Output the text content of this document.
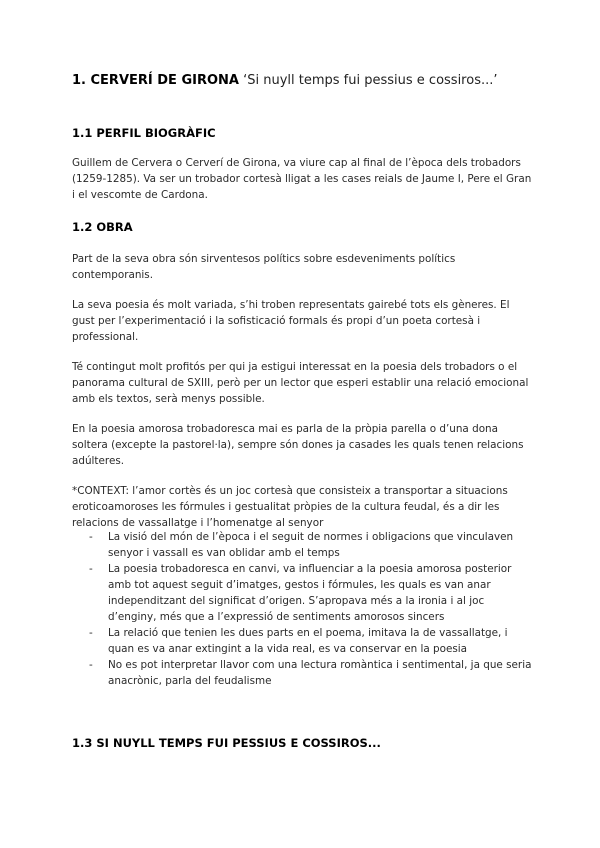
1. CERVERÍ DE GIRONA ‘Si nuyll temps fui pessius e cossiros...’
1.1 PERFIL BIOGRÀFIC

Guillem de Cervera o Cerverí de Girona, va viure cap al final de l’època dels trobadors (1259-1285). Va ser un trobador cortesà lligat a les cases reials de Jaume I, Pere el Gran i el vescomte de Cardona.

1.2 OBRA

Part de la seva obra són sirventesos polítics sobre esdeveniments polítics contemporanis.

La seva poesia és molt variada, s’hi troben representats gairebé tots els gèneres. El gust per l’experimentació i la sofisticació formals és propi d’un poeta cortesà i professional.

Té contingut molt profitós per qui ja estigui interessat en la poesia dels trobadors o el panorama cultural de SXIII, però per un lector que esperi establir una relació emocional amb els textos, serà menys possible.

En la poesia amorosa trobadoresca mai es parla de la pròpia parella o d’una dona soltera (excepte la pastorel·la), sempre són dones ja casades les quals tenen relacions adúlteres.

*CONTEXT: l’amor cortès és un joc cortesà que consisteix a transportar a situacions eroticoamoroses les fórmules i gestualitat pròpies de la cultura feudal, és a dir les relacions de vassallatge i l’homenatge al senyor

- La visió del món de l’època i el seguit de normes i obligacions que vinculaven senyor i vassall es van oblidar amb el temps
- La poesia trobadoresca en canvi, va influenciar a la poesia amorosa posterior amb tot aquest seguit d’imatges, gestos i fórmules, les quals es van anar independitzant del significat d’origen. S’apropava més a la ironia i al joc d’enginy, més que a l’expressió de sentiments amorosos sincers
- La relació que tenien les dues parts en el poema, imitava la de vassallatge, i quan es va anar extingint a la vida real, es va conservar en la poesia
- No es pot interpretar llavor com una lectura romàntica i sentimental, ja que seria anacrònic, parla del feudalisme
1.3 SI NUYLL TEMPS FUI PESSIUS E COSSIROS...
